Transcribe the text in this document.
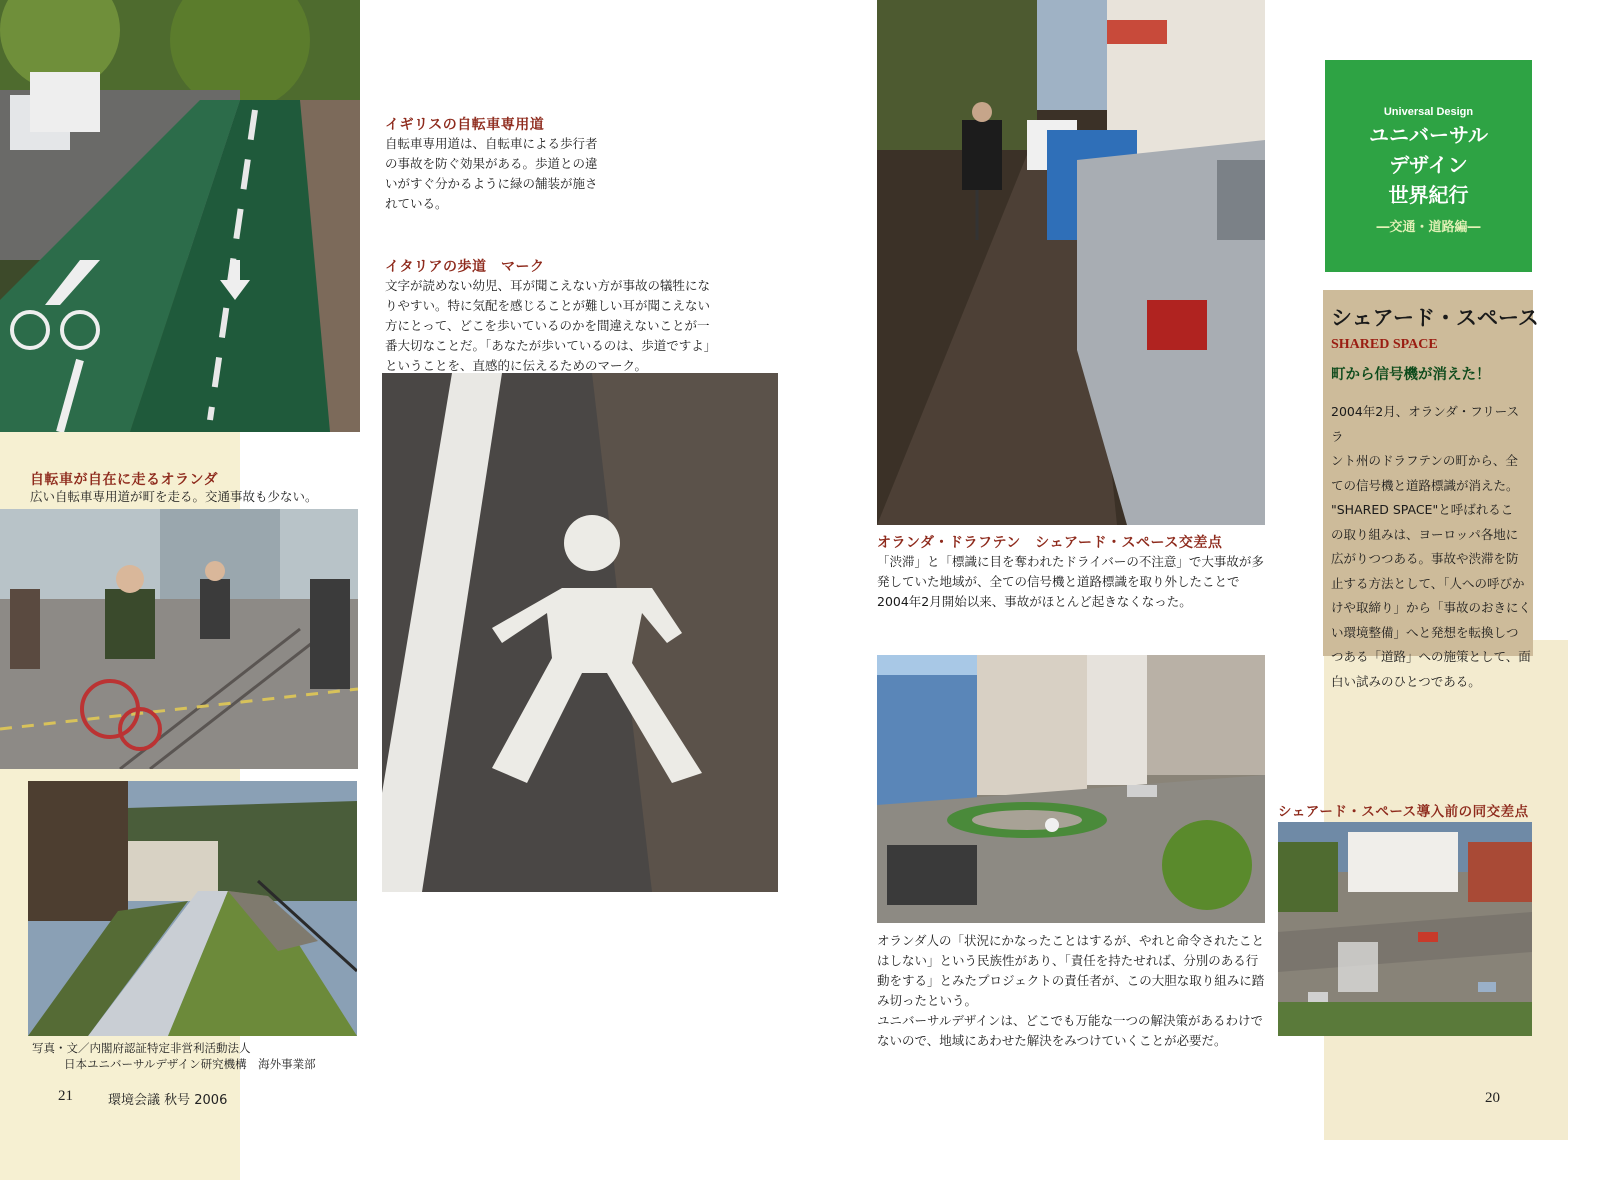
イギリスの自転車専用道

自転車専用道は、自転車による歩行者

の事故を防ぐ効果がある。歩道との違

いがすぐ分かるように緑の舗装が施さ

れている。

イタリアの歩道　マーク

文字が読めない幼児、耳が聞こえない方が事故の犠牲にな

りやすい。特に気配を感じることが難しい耳が聞こえない

方にとって、どこを歩いているのかを間違えないことが一

番大切なことだ。「あなたが歩いているのは、歩道ですよ」

ということを、直感的に伝えるためのマーク。

自転車が自在に走るオランダ
広い自転車専用道が町を走る。交通事故も少ない。
写真・文／内閣府認証特定非営利活動法人
日本ユニバーサルデザイン研究機構　海外事業部
21	環境会議 秋号 2006
オランダ・ドラフテン　シェアード・スペース交差点

「渋滞」と「標識に目を奪われたドライバーの不注意」で大事故が多

発していた地域が、全ての信号機と道路標識を取り外したことで

2004年2月開始以来、事故がほとんど起きなくなった。

オランダ人の「状況にかなったことはするが、やれと命令されたこと

はしない」という民族性があり、「責任を持たせれば、分別のある行

動をする」とみたプロジェクトの責任者が、この大胆な取り組みに踏

み切ったという。

ユニバーサルデザインは、どこでも万能な一つの解決策があるわけで

ないので、地域にあわせた解決をみつけていくことが必要だ。

Universal Design
ユニバーサル
デザイン
世界紀行
―交通・道路編―
シェアード・スペース
SHARED SPACE
町から信号機が消えた！
2004年2月、オランダ・フリースラ
ント州のドラフテンの町から、全
ての信号機と道路標識が消えた。
"SHARED SPACE"と呼ばれるこ
の取り組みは、ヨーロッパ各地に
広がりつつある。事故や渋滞を防
止する方法として、「人への呼びか
けや取締り」から「事故のおきにく
い環境整備」へと発想を転換しつ
つある「道路」への施策として、面
白い試みのひとつである。
シェアード・スペース導入前の同交差点
20
